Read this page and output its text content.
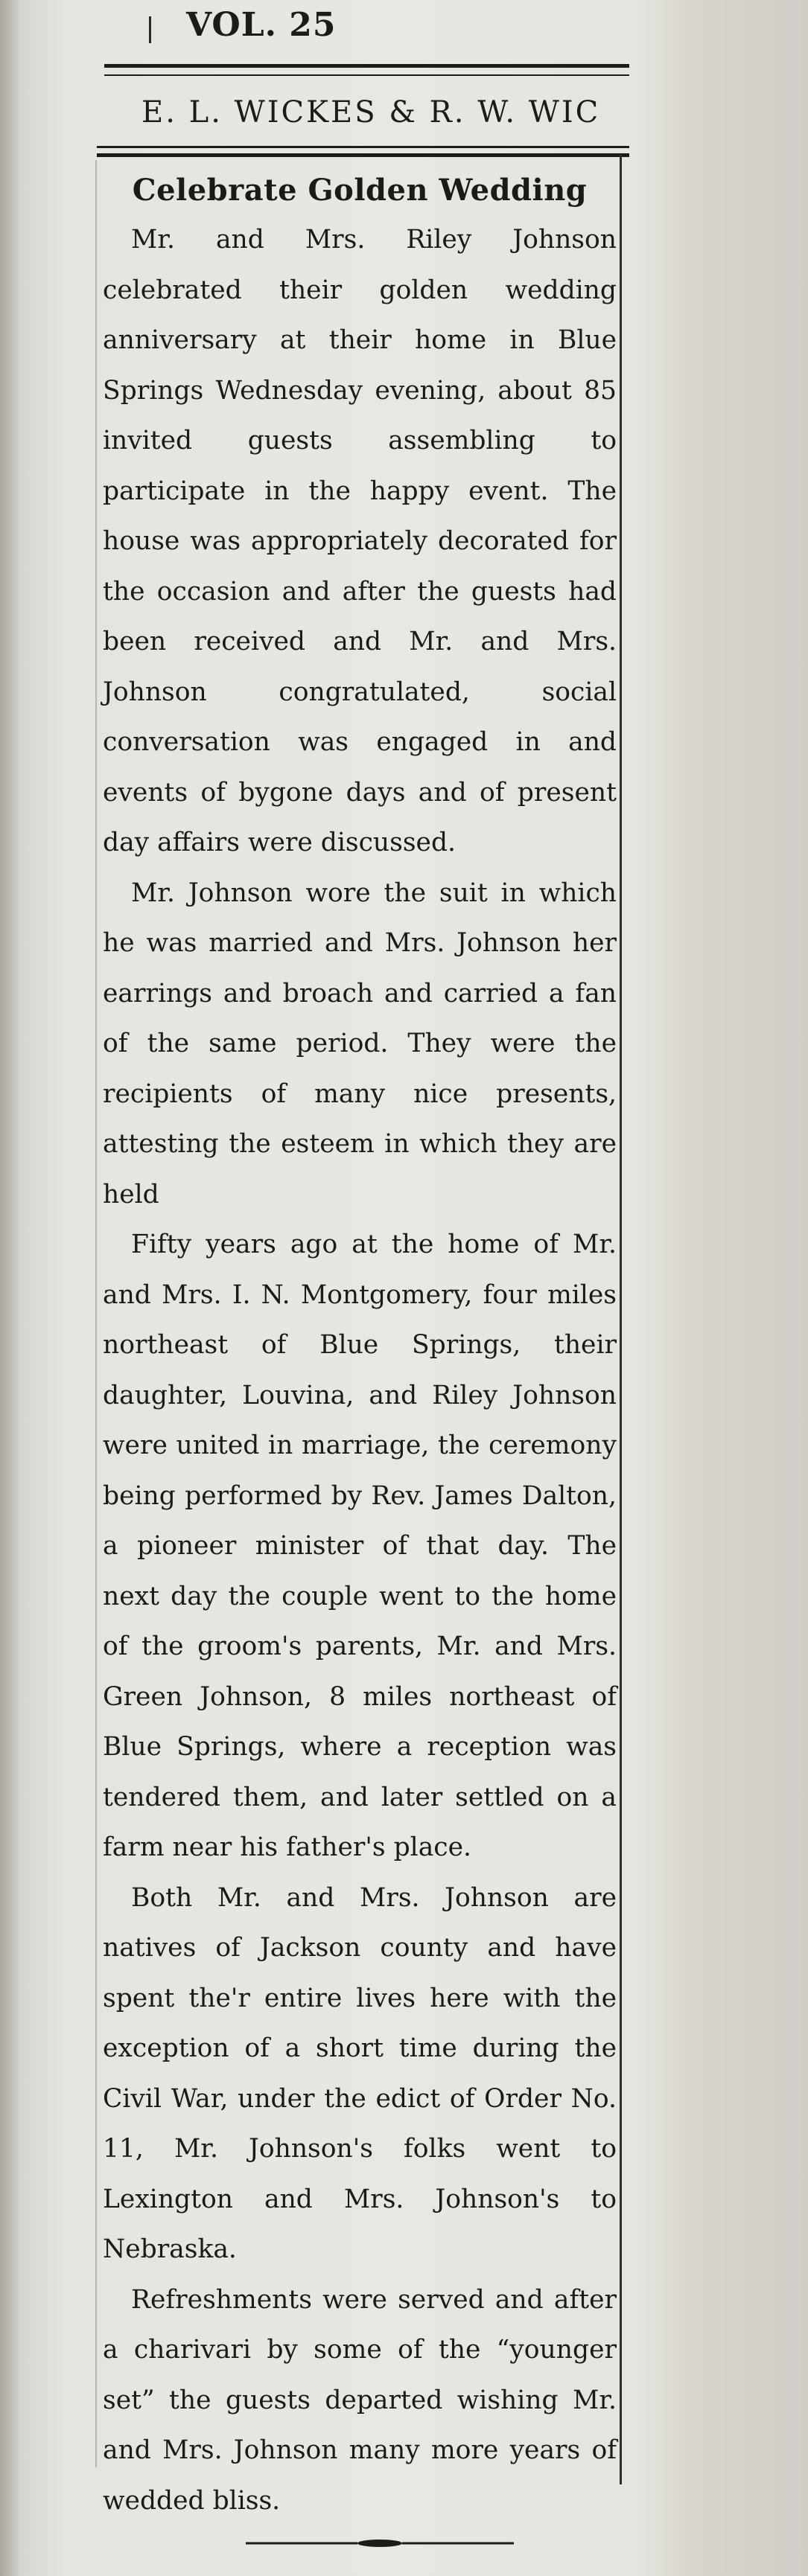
VOL. 25
E. L. WICKES & R. W. WIC
Celebrate Golden Wedding

Mr. and Mrs. Riley Johnson celebrated their golden wedding anniversary at their home in Blue Springs Wednesday evening, about 85 invited guests assembling to participate in the happy event. The house was appropriately decorated for the occasion and after the guests had been received and Mr. and Mrs. Johnson congratulated, social conversation was engaged in and events of bygone days and of present day affairs were discussed.

Mr. Johnson wore the suit in which he was married and Mrs. Johnson her earrings and broach and carried a fan of the same period. They were the recipients of many nice presents, attesting the esteem in which they are held

Fifty years ago at the home of Mr. and Mrs. I. N. Montgomery, four miles northeast of Blue Springs, their daughter, Louvina, and Riley Johnson were united in marriage, the ceremony being performed by Rev. James Dalton, a pioneer minister of that day. The next day the couple went to the home of the groom's parents, Mr. and Mrs. Green Johnson, 8 miles northeast of Blue Springs, where a reception was tendered them, and later settled on a farm near his father's place.

Both Mr. and Mrs. Johnson are natives of Jackson county and have spent the'r entire lives here with the exception of a short time during the Civil War, under the edict of Order No. 11, Mr. Johnson's folks went to Lexington and Mrs. Johnson's to Nebraska.

Refreshments were served and after a charivari by some of the “younger set” the guests departed wishing Mr. and Mrs. Johnson many more years of wedded bliss.
